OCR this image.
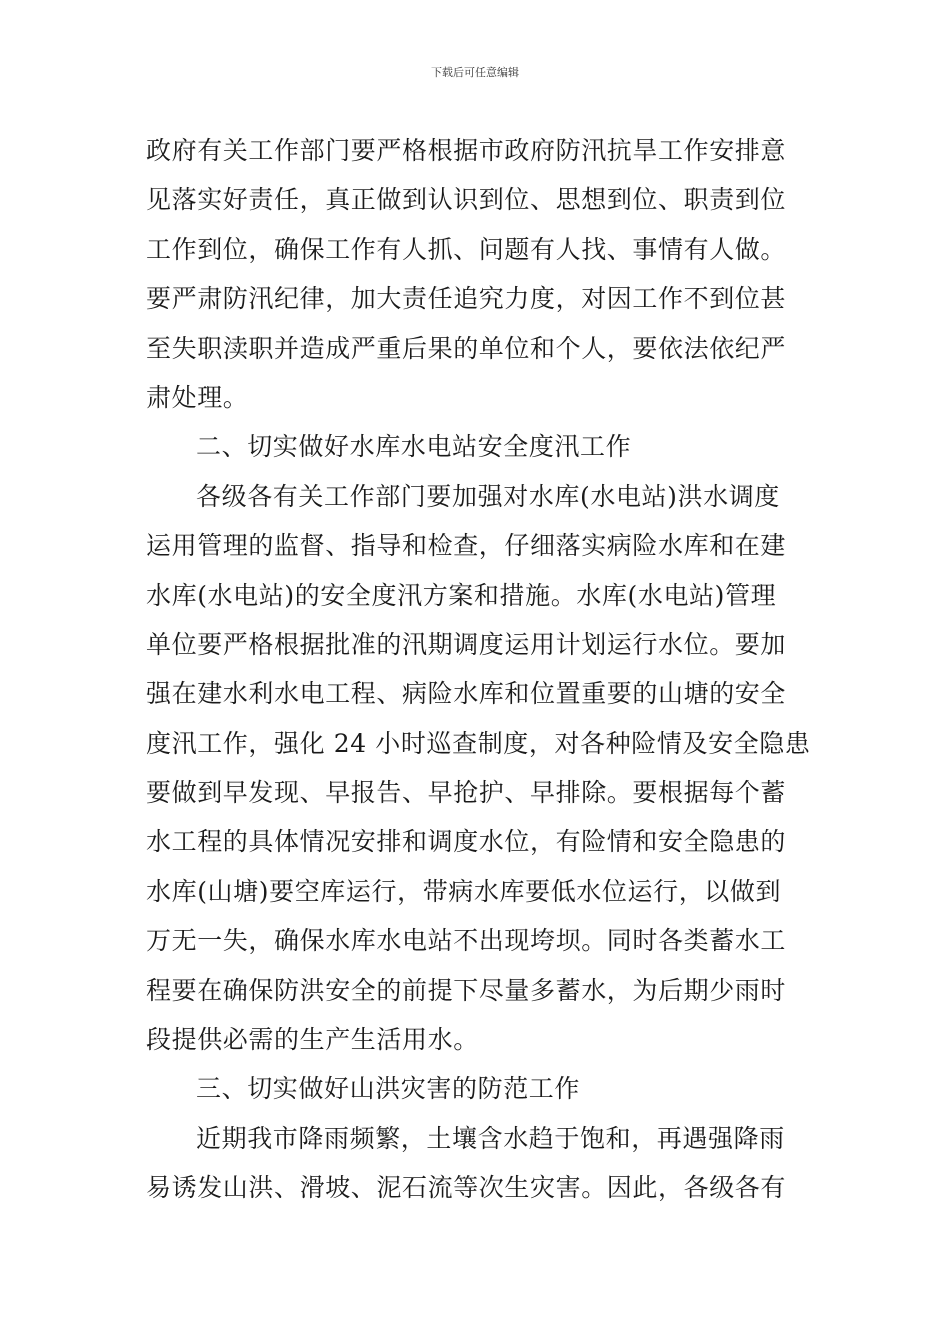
下载后可任意编辑
政府有关工作部门要严格根据市政府防汛抗旱工作安排意
见落实好责任，真正做到认识到位、思想到位、职责到位
工作到位，确保工作有人抓、问题有人找、事情有人做。
要严肃防汛纪律，加大责任追究力度，对因工作不到位甚
至失职渎职并造成严重后果的单位和个人，要依法依纪严
肃处理。
二、切实做好水库水电站安全度汛工作
各级各有关工作部门要加强对水库(水电站)洪水调度
运用管理的监督、指导和检查，仔细落实病险水库和在建
水库(水电站)的安全度汛方案和措施。水库(水电站)管理
单位要严格根据批准的汛期调度运用计划运行水位。要加
强在建水利水电工程、病险水库和位置重要的山塘的安全
度汛工作，强化 24 小时巡查制度，对各种险情及安全隐患
要做到早发现、早报告、早抢护、早排除。要根据每个蓄
水工程的具体情况安排和调度水位，有险情和安全隐患的
水库(山塘)要空库运行，带病水库要低水位运行，以做到
万无一失，确保水库水电站不出现垮坝。同时各类蓄水工
程要在确保防洪安全的前提下尽量多蓄水，为后期少雨时
段提供必需的生产生活用水。
三、切实做好山洪灾害的防范工作
近期我市降雨频繁，土壤含水趋于饱和，再遇强降雨
易诱发山洪、滑坡、泥石流等次生灾害。因此，各级各有
